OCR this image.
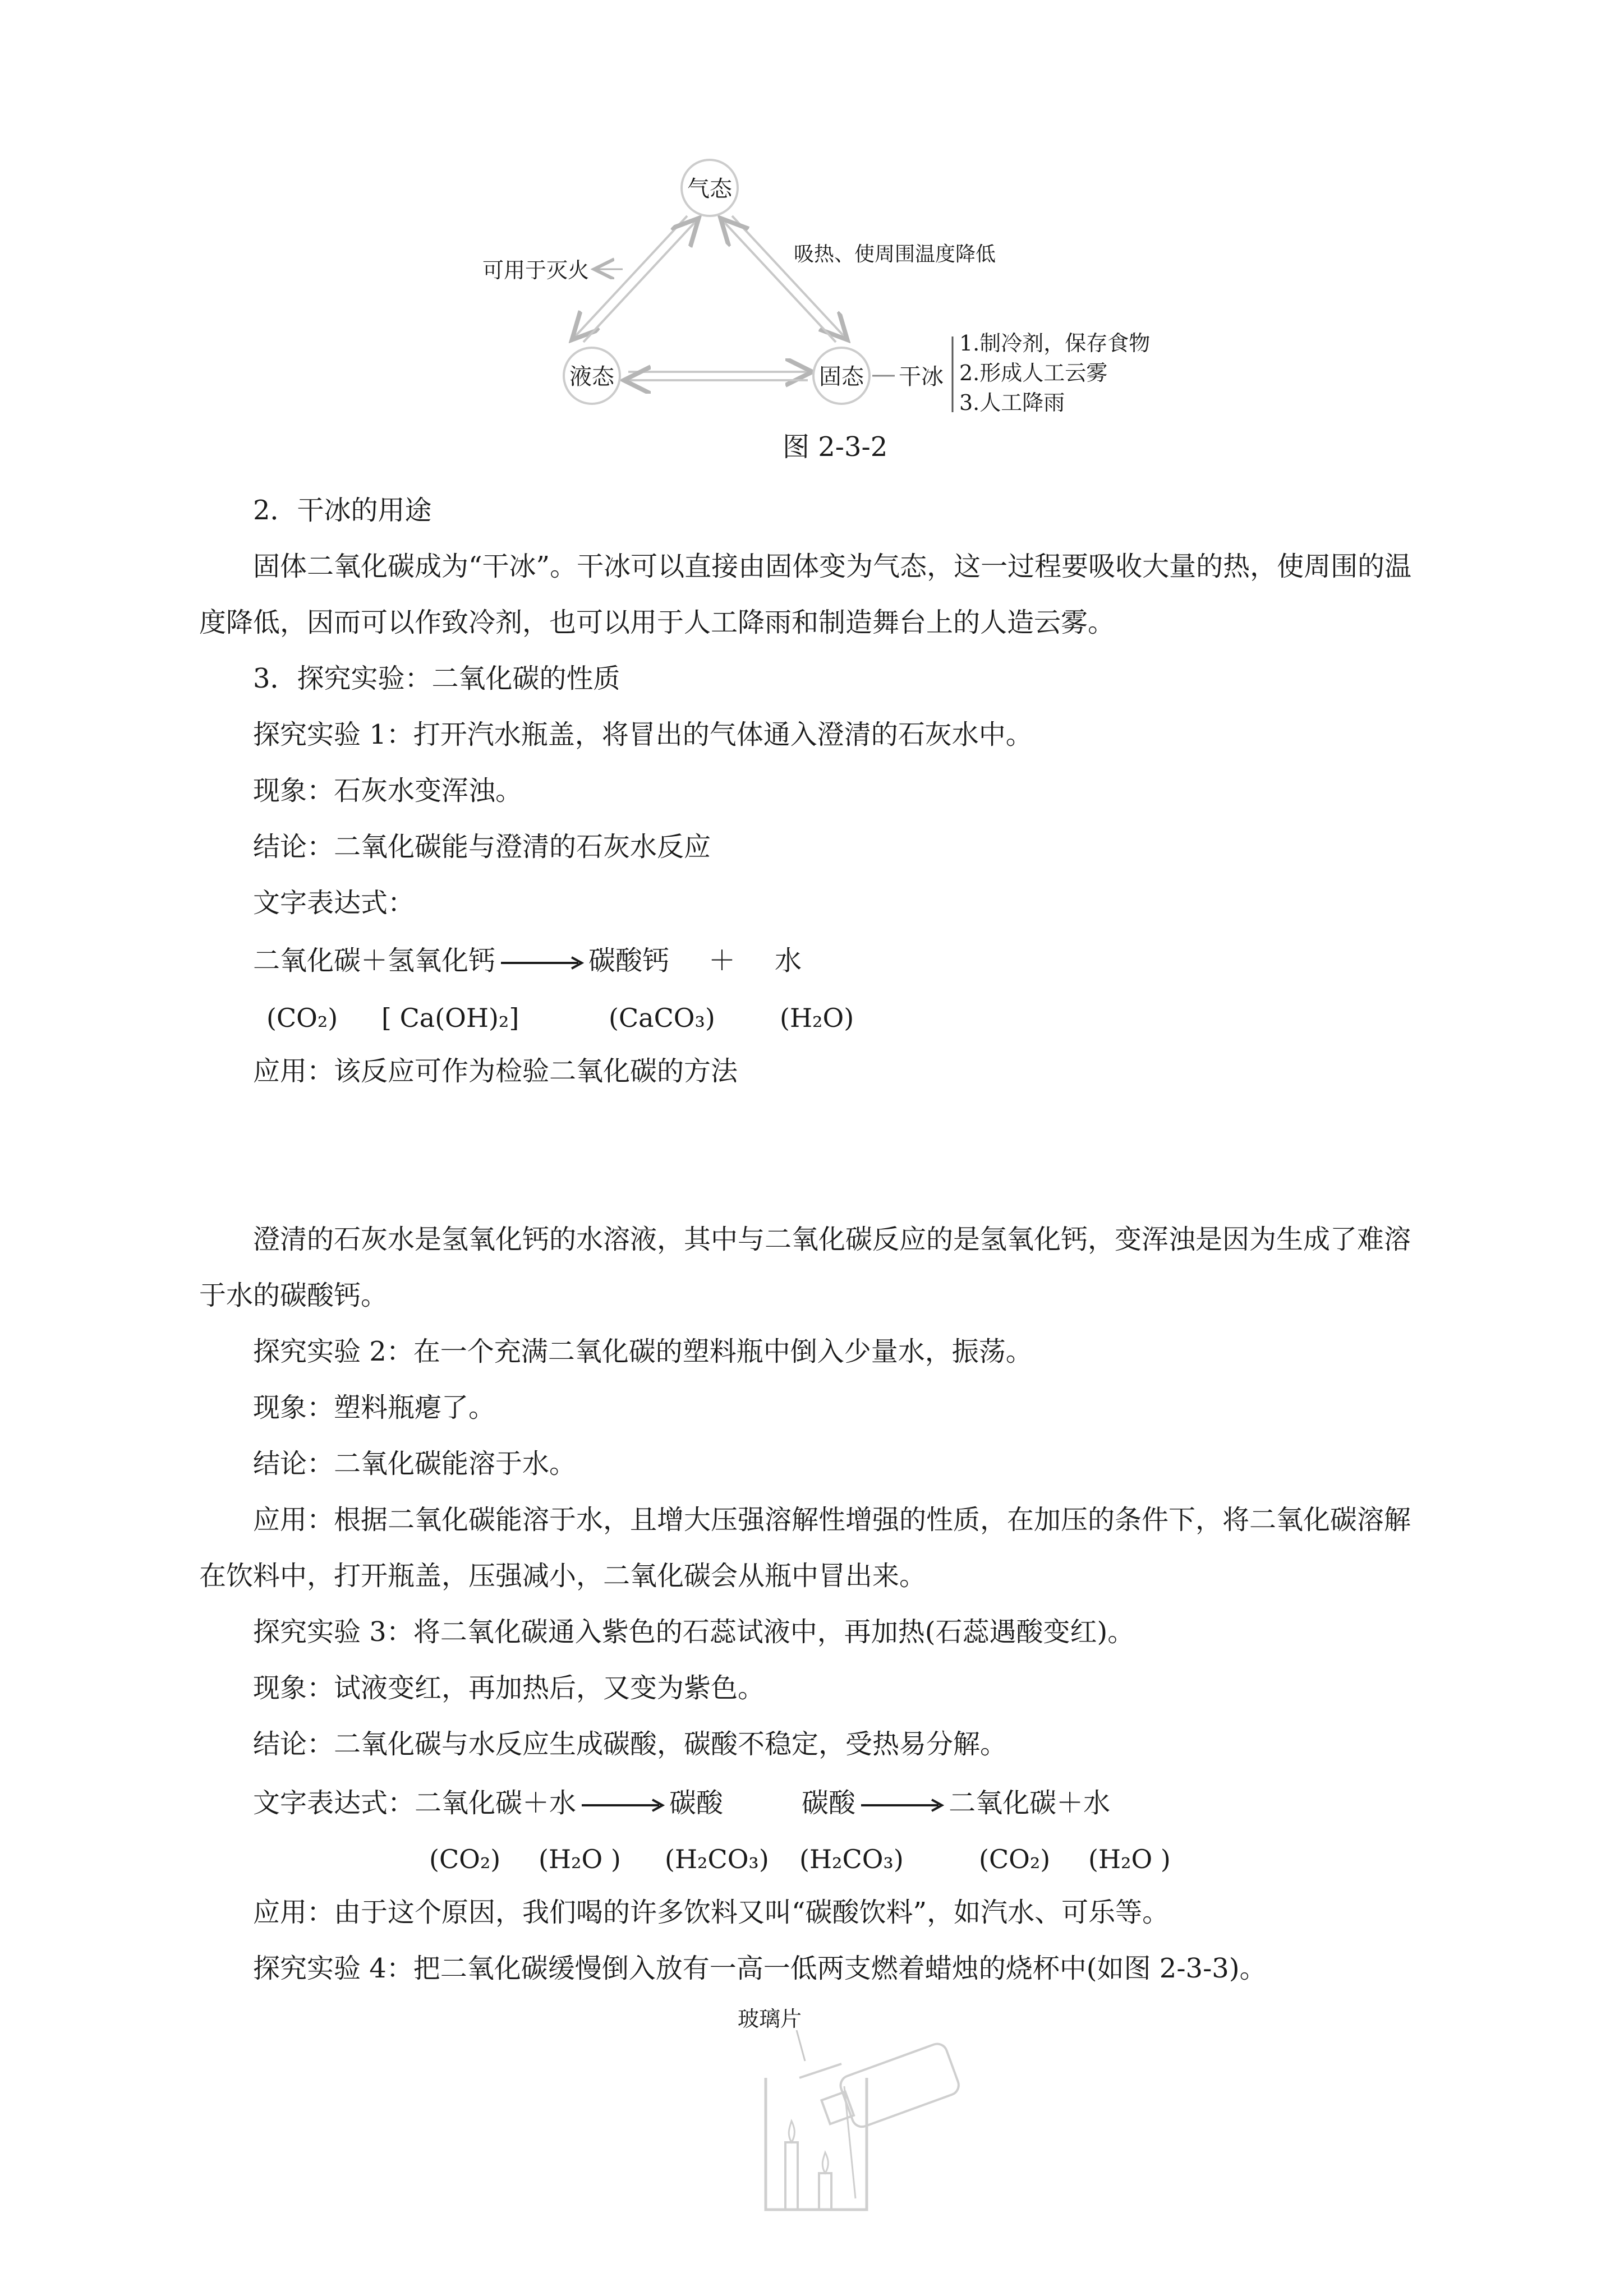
气态
液态	固态
可用于灭火
吸热、使周围温度降低
干冰
1.制冷剂，保存食物
2.形成人工云雾
3.人工降雨
图 2-3-2

2．干冰的用途

固体二氧化碳成为“干冰”。干冰可以直接由固体变为气态，这一过程要吸收大量的热，使周围的温度降低，因而可以作致冷剂，也可以用于人工降雨和制造舞台上的人造云雾。

3．探究实验：二氧化碳的性质

探究实验 1：打开汽水瓶盖，将冒出的气体通入澄清的石灰水中。

现象：石灰水变浑浊。

结论：二氧化碳能与澄清的石灰水反应

文字表达式：

二氧化碳＋氢氧化钙 → 碳酸钙 ＋ 水
(CO₂) [ Ca(OH)₂]	(CaCO₃)	(H₂O)

应用：该反应可作为检验二氧化碳的方法

澄清的石灰水是氢氧化钙的水溶液，其中与二氧化碳反应的是氢氧化钙，变浑浊是因为生成了难溶于水的碳酸钙。

探究实验 2：在一个充满二氧化碳的塑料瓶中倒入少量水，振荡。

现象：塑料瓶瘪了。

结论：二氧化碳能溶于水。

应用：根据二氧化碳能溶于水，且增大压强溶解性增强的性质，在加压的条件下，将二氧化碳溶解在饮料中，打开瓶盖，压强减小，二氧化碳会从瓶中冒出来。

探究实验 3：将二氧化碳通入紫色的石蕊试液中，再加热(石蕊遇酸变红)。

现象：试液变红，再加热后，又变为紫色。

结论：二氧化碳与水反应生成碳酸，碳酸不稳定，受热易分解。

文字表达式：二氧化碳＋水 → 碳酸	碳酸 → 二氧化碳＋水
(CO₂) (H₂O ) (H₂CO₃) (H₂CO₃)	(CO₂) (H₂O )

应用：由于这个原因，我们喝的许多饮料又叫“碳酸饮料”，如汽水、可乐等。

探究实验 4：把二氧化碳缓慢倒入放有一高一低两支燃着蜡烛的烧杯中(如图 2-3-3)。

玻璃片
